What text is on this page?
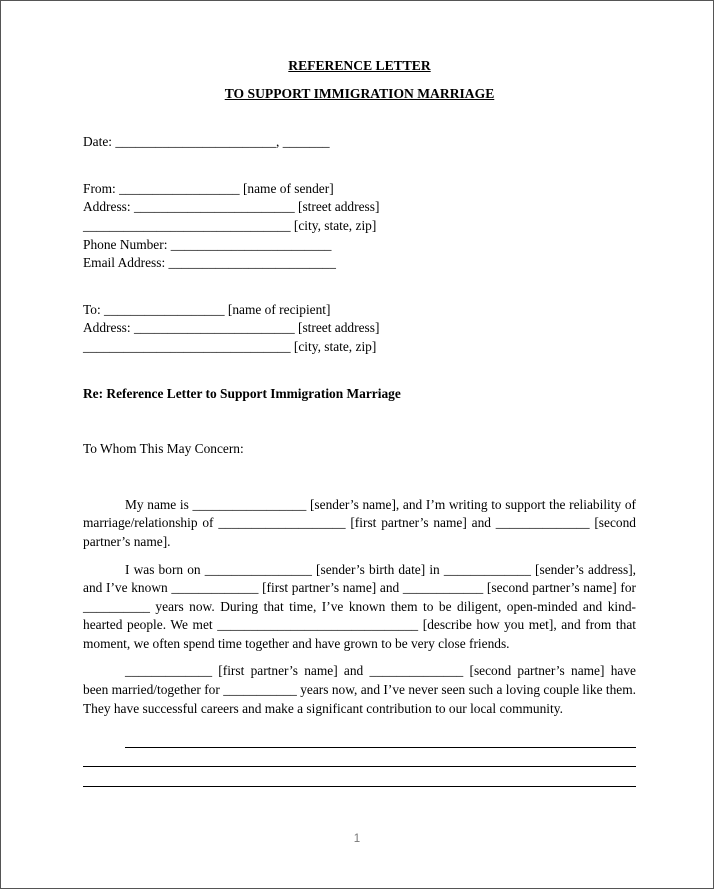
REFERENCE LETTER
TO SUPPORT IMMIGRATION MARRIAGE
Date: ________________________, _______
From: __________________ [name of sender]
Address: ________________________ [street address]
_______________________________ [city, state, zip]
Phone Number: ________________________
Email Address: _________________________
To: __________________ [name of recipient]
Address: ________________________ [street address]
_______________________________ [city, state, zip]
Re: Reference Letter to Support Immigration Marriage
To Whom This May Concern:
My name is _________________ [sender’s name], and I’m writing to support the reliability of marriage/relationship of ___________________ [first partner’s name] and ______________ [second partner’s name].
I was born on ________________ [sender’s birth date] in _____________ [sender’s address], and I’ve known _____________ [first partner’s name] and ____________ [second partner’s name] for __________ years now. During that time, I’ve known them to be diligent, open-minded and kind-hearted people. We met ______________________________ [describe how you met], and from that moment, we often spend time together and have grown to be very close friends.
_____________ [first partner’s name] and ______________ [second partner’s name] have been married/together for ___________ years now, and I’ve never seen such a loving couple like them. They have successful careers and make a significant contribution to our local community.
1
